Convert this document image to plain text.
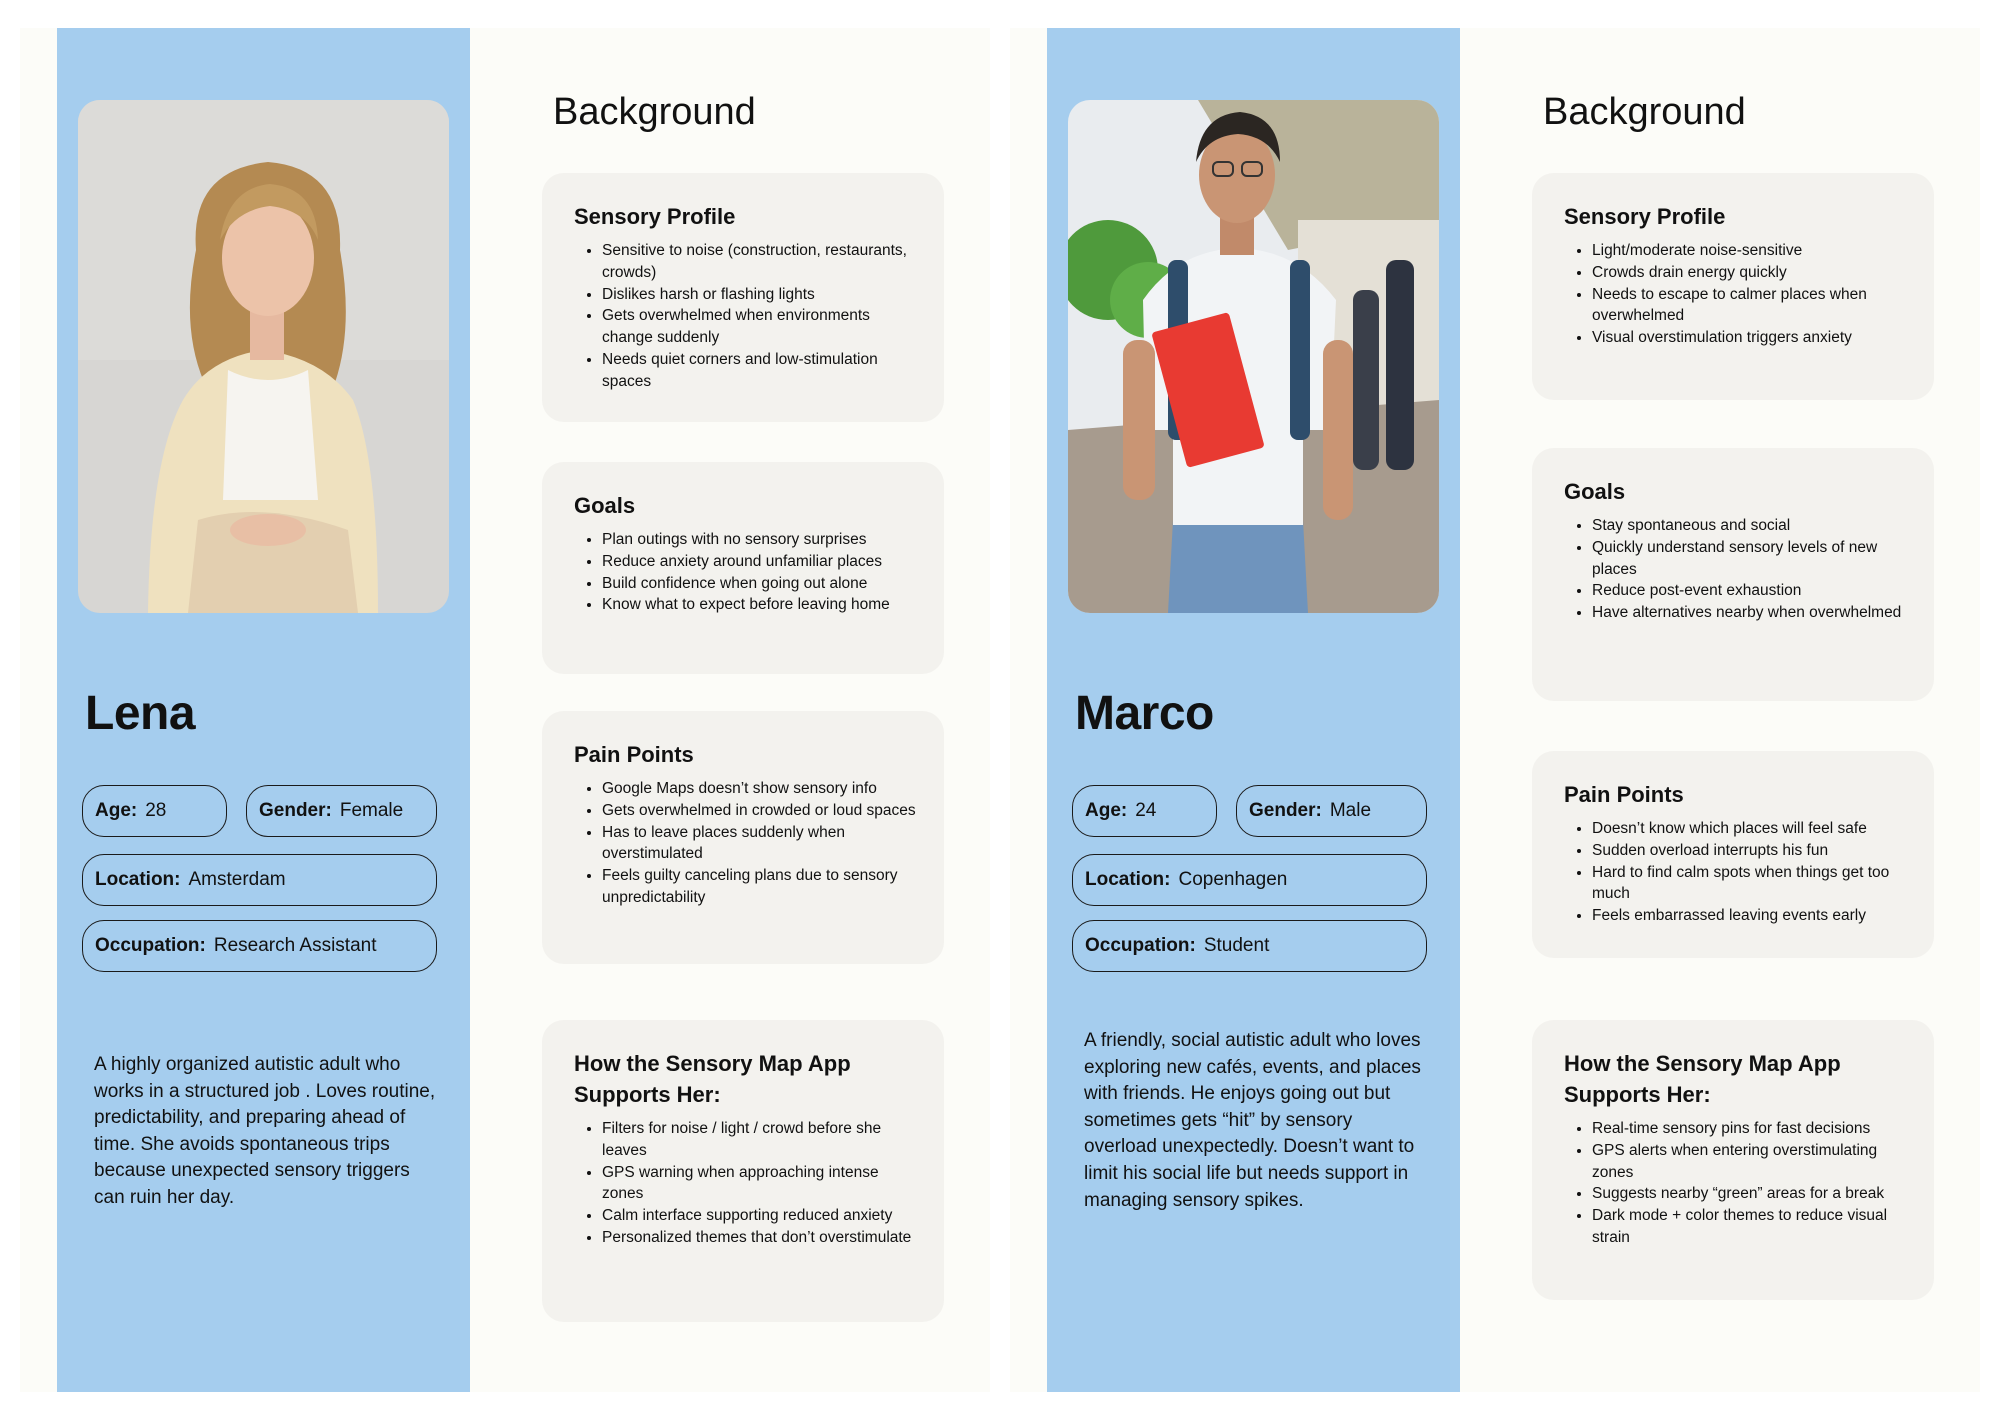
Lena
Age: 28	Gender: Female
Location: Amsterdam
Occupation: Research Assistant
A highly organized autistic adult who works in a structured job . Loves routine, predictability, and preparing ahead of time. She avoids spontaneous trips because unexpected sensory triggers can ruin her day.
Background
Sensory Profile
• Sensitive to noise (construction, restaurants, crowds)
• Dislikes harsh or flashing lights
• Gets overwhelmed when environments change suddenly
• Needs quiet corners and low-stimulation spaces
Goals
• Plan outings with no sensory surprises
• Reduce anxiety around unfamiliar places
• Build confidence when going out alone
• Know what to expect before leaving home
Pain Points
• Google Maps doesn’t show sensory info
• Gets overwhelmed in crowded or loud spaces
• Has to leave places suddenly when overstimulated
• Feels guilty canceling plans due to sensory unpredictability
How the Sensory Map App Supports Her:
• Filters for noise / light / crowd before she leaves
• GPS warning when approaching intense zones
• Calm interface supporting reduced anxiety
• Personalized themes that don’t overstimulate
Marco
Age: 24	Gender: Male
Location: Copenhagen
Occupation: Student
A friendly, social autistic adult who loves exploring new cafés, events, and places with friends. He enjoys going out but sometimes gets “hit” by sensory overload unexpectedly. Doesn’t want to limit his social life but needs support in managing sensory spikes.
Background
Sensory Profile
• Light/moderate noise-sensitive
• Crowds drain energy quickly
• Needs to escape to calmer places when overwhelmed
• Visual overstimulation triggers anxiety
Goals
• Stay spontaneous and social
• Quickly understand sensory levels of new places
• Reduce post-event exhaustion
• Have alternatives nearby when overwhelmed
Pain Points
• Doesn’t know which places will feel safe
• Sudden overload interrupts his fun
• Hard to find calm spots when things get too much
• Feels embarrassed leaving events early
How the Sensory Map App Supports Her:
• Real-time sensory pins for fast decisions
• GPS alerts when entering overstimulating zones
• Suggests nearby “green” areas for a break
• Dark mode + color themes to reduce visual strain
